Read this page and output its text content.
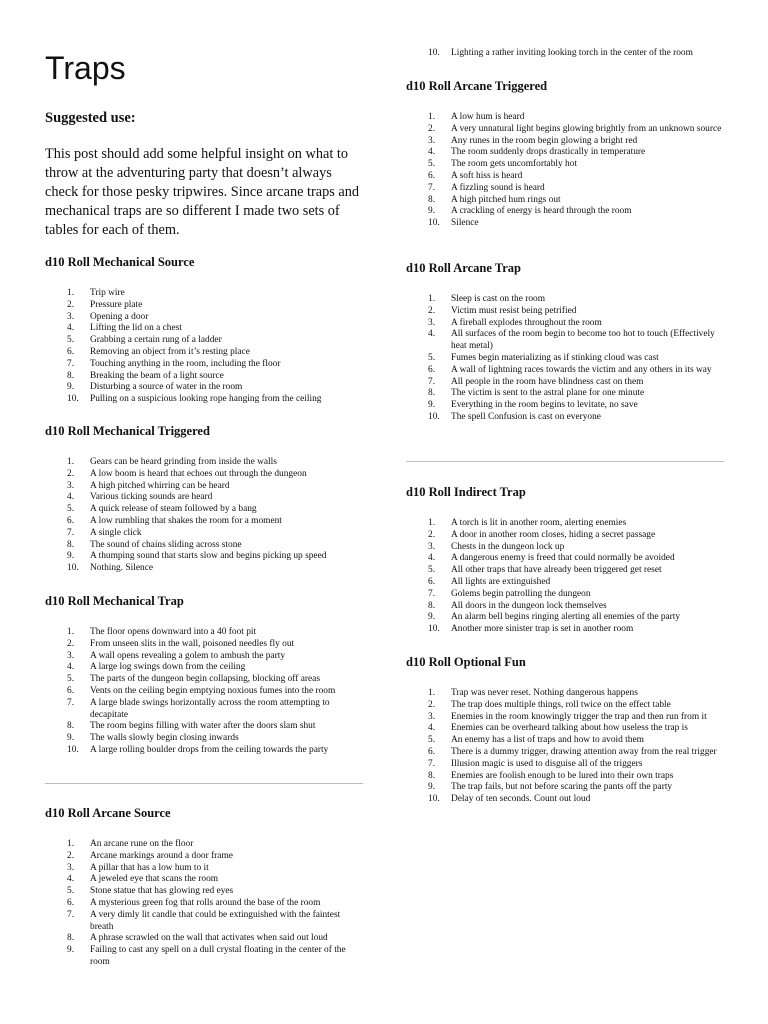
Traps
Suggested use:

This post should add some helpful insight on what to throw at the adventuring party that doesn’t always check for those pesky tripwires. Since arcane traps and mechanical traps are so different I made two sets of tables for each of them.

d10 Roll Mechanical Source
1.	Trip wire
2.	Pressure plate
3.	Opening a door
4.	Lifting the lid on a chest
5.	Grabbing a certain rung of a ladder
6.	Removing an object from it’s resting place
7.	Touching anything in the room, including the floor
8.	Breaking the beam of a light source
9.	Disturbing a source of water in the room
10.	Pulling on a suspicious looking rope hanging from the ceiling
d10 Roll Mechanical Triggered
1.	Gears can be heard grinding from inside the walls
2.	A low boom is heard that echoes out through the dungeon
3.	A high pitched whirring can be heard
4.	Various ticking sounds are heard
5.	A quick release of steam followed by a bang
6.	A low rumbling that shakes the room for a moment
7.	A single click
8.	The sound of chains sliding across stone
9.	A thumping sound that starts slow and begins picking up speed
10.	Nothing. Silence
d10 Roll Mechanical Trap
1.	The floor opens downward into a 40 foot pit
2.	From unseen slits in the wall, poisoned needles fly out
3.	A wall opens revealing a golem to ambush the party
4.	A large log swings down from the ceiling
5.	The parts of the dungeon begin collapsing, blocking off areas
6.	Vents on the ceiling begin emptying noxious fumes into the room
7.	A large blade swings horizontally across the room attempting to decapitate
8.	The room begins filling with water after the doors slam shut
9.	The walls slowly begin closing inwards
10.	A large rolling boulder drops from the ceiling towards the party
d10 Roll Arcane Source
1.	An arcane rune on the floor
2.	Arcane markings around a door frame
3.	A pillar that has a low hum to it
4.	A jeweled eye that scans the room
5.	Stone statue that has glowing red eyes
6.	A mysterious green fog that rolls around the base of the room
7.	A very dimly lit candle that could be extinguished with the faintest breath
8.	A phrase scrawled on the wall that activates when said out loud
9.	Failing to cast any spell on a dull crystal floating in the center of the room
10.	Lighting a rather inviting looking torch in the center of the room
d10 Roll Arcane Triggered
1.	A low hum is heard
2.	A very unnatural light begins glowing brightly from an unknown source
3.	Any runes in the room begin glowing a bright red
4.	The room suddenly drops drastically in temperature
5.	The room gets uncomfortably hot
6.	A soft hiss is heard
7.	A fizzling sound is heard
8.	A high pitched hum rings out
9.	A crackling of energy is heard through the room
10.	Silence
d10 Roll Arcane Trap
1.	Sleep is cast on the room
2.	Victim must resist being petrified
3.	A fireball explodes throughout the room
4.	All surfaces of the room begin to become too hot to touch (Effectively heat metal)
5.	Fumes begin materializing as if stinking cloud was cast
6.	A wall of lightning races towards the victim and any others in its way
7.	All people in the room have blindness cast on them
8.	The victim is sent to the astral plane for one minute
9.	Everything in the room begins to levitate, no save
10.	The spell Confusion is cast on everyone
d10 Roll Indirect Trap
1.	A torch is lit in another room, alerting enemies
2.	A door in another room closes, hiding a secret passage
3.	Chests in the dungeon lock up
4.	A dangerous enemy is freed that could normally be avoided
5.	All other traps that have already been triggered get reset
6.	All lights are extinguished
7.	Golems begin patrolling the dungeon
8.	All doors in the dungeon lock themselves
9.	An alarm bell begins ringing alerting all enemies of the party
10.	Another more sinister trap is set in another room
d10 Roll Optional Fun
1.	Trap was never reset. Nothing dangerous happens
2.	The trap does multiple things, roll twice on the effect table
3.	Enemies in the room knowingly trigger the trap and then run from it
4.	Enemies can be overheard talking about how useless the trap is
5.	An enemy has a list of traps and how to avoid them
6.	There is a dummy trigger, drawing attention away from the real trigger
7.	Illusion magic is used to disguise all of the triggers
8.	Enemies are foolish enough to be lured into their own traps
9.	The trap fails, but not before scaring the pants off the party
10.	Delay of ten seconds. Count out loud
